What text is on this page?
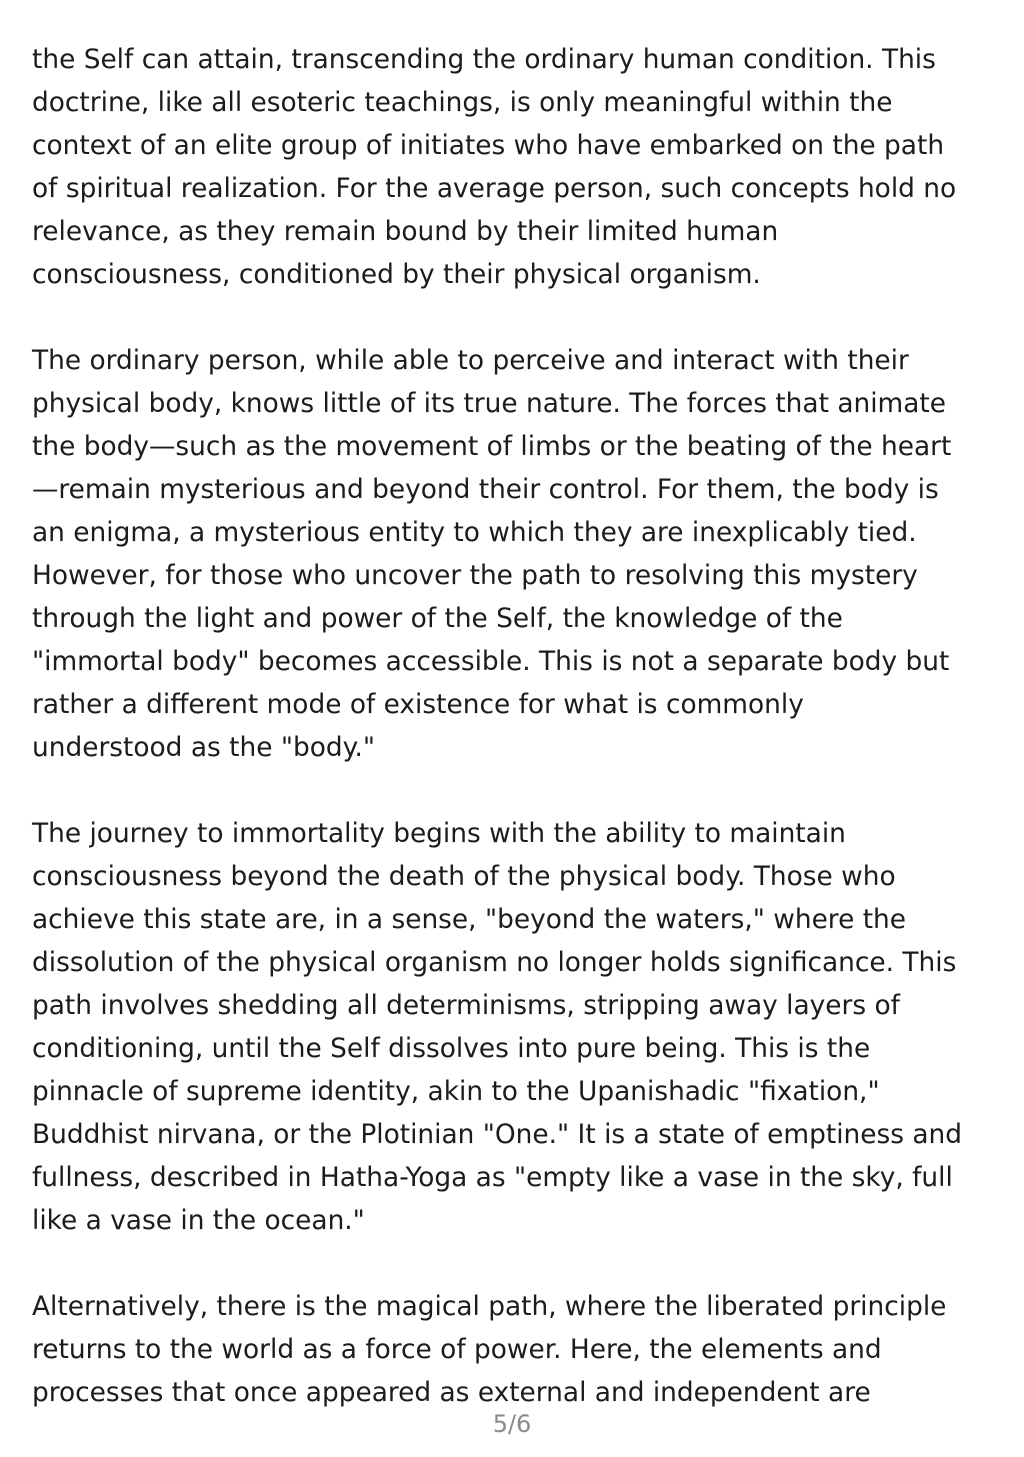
the Self can attain, transcending the ordinary human condition. This
doctrine, like all esoteric teachings, is only meaningful within the
context of an elite group of initiates who have embarked on the path
of spiritual realization. For the average person, such concepts hold no
relevance, as they remain bound by their limited human
consciousness, conditioned by their physical organism.
The ordinary person, while able to perceive and interact with their
physical body, knows little of its true nature. The forces that animate
the body—such as the movement of limbs or the beating of the heart
—remain mysterious and beyond their control. For them, the body is
an enigma, a mysterious entity to which they are inexplicably tied.
However, for those who uncover the path to resolving this mystery
through the light and power of the Self, the knowledge of the
"immortal body" becomes accessible. This is not a separate body but
rather a different mode of existence for what is commonly
understood as the "body."
The journey to immortality begins with the ability to maintain
consciousness beyond the death of the physical body. Those who
achieve this state are, in a sense, "beyond the waters," where the
dissolution of the physical organism no longer holds significance. This
path involves shedding all determinisms, stripping away layers of
conditioning, until the Self dissolves into pure being. This is the
pinnacle of supreme identity, akin to the Upanishadic "fixation,"
Buddhist nirvana, or the Plotinian "One." It is a state of emptiness and
fullness, described in Hatha-Yoga as "empty like a vase in the sky, full
like a vase in the ocean."
Alternatively, there is the magical path, where the liberated principle
returns to the world as a force of power. Here, the elements and
processes that once appeared as external and independent are
5/6
